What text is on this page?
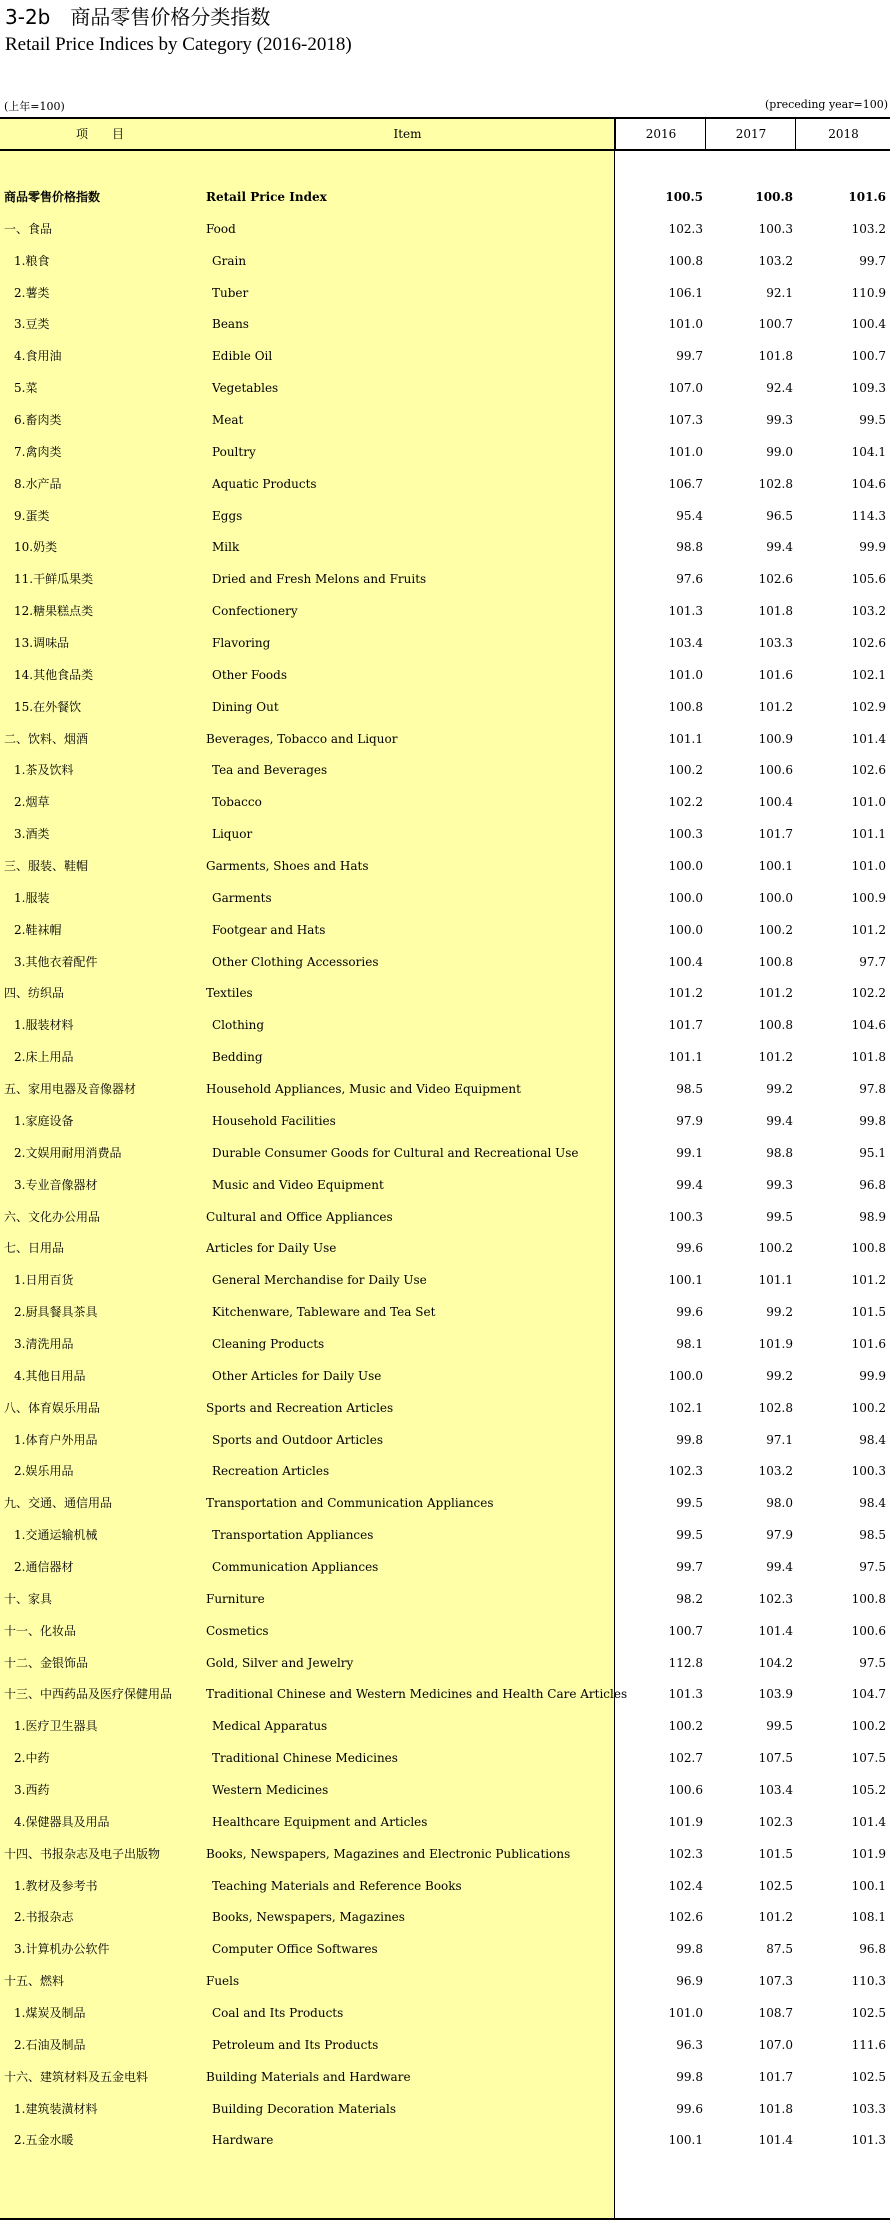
3-2b　商品零售价格分类指数
Retail Price Indices by Category (2016-2018)
(上年=100)	(preceding year=100)
项　　目	Item	2016	2017	2018
商品零售价格指数	Retail Price Index	100.5	100.8	101.6
一、食品	Food	102.3	100.3	103.2
1.粮食	Grain	100.8	103.2	99.7
2.薯类	Tuber	106.1	92.1	110.9
3.豆类	Beans	101.0	100.7	100.4
4.食用油	Edible Oil	99.7	101.8	100.7
5.菜	Vegetables	107.0	92.4	109.3
6.畜肉类	Meat	107.3	99.3	99.5
7.禽肉类	Poultry	101.0	99.0	104.1
8.水产品	Aquatic Products	106.7	102.8	104.6
9.蛋类	Eggs	95.4	96.5	114.3
10.奶类	Milk	98.8	99.4	99.9
11.干鲜瓜果类	Dried and Fresh Melons and Fruits	97.6	102.6	105.6
12.糖果糕点类	Confectionery	101.3	101.8	103.2
13.调味品	Flavoring	103.4	103.3	102.6
14.其他食品类	Other Foods	101.0	101.6	102.1
15.在外餐饮	Dining Out	100.8	101.2	102.9
二、饮料、烟酒	Beverages, Tobacco and Liquor	101.1	100.9	101.4
1.茶及饮料	Tea and Beverages	100.2	100.6	102.6
2.烟草	Tobacco	102.2	100.4	101.0
3.酒类	Liquor	100.3	101.7	101.1
三、服装、鞋帽	Garments, Shoes and Hats	100.0	100.1	101.0
1.服装	Garments	100.0	100.0	100.9
2.鞋袜帽	Footgear and Hats	100.0	100.2	101.2
3.其他衣着配件	Other Clothing Accessories	100.4	100.8	97.7
四、纺织品	Textiles	101.2	101.2	102.2
1.服装材料	Clothing	101.7	100.8	104.6
2.床上用品	Bedding	101.1	101.2	101.8
五、家用电器及音像器材	Household Appliances, Music and Video Equipment	98.5	99.2	97.8
1.家庭设备	Household Facilities	97.9	99.4	99.8
2.文娱用耐用消费品	Durable Consumer Goods for Cultural and Recreational Use	99.1	98.8	95.1
3.专业音像器材	Music and Video Equipment	99.4	99.3	96.8
六、文化办公用品	Cultural and Office Appliances	100.3	99.5	98.9
七、日用品	Articles for Daily Use	99.6	100.2	100.8
1.日用百货	General Merchandise for Daily Use	100.1	101.1	101.2
2.厨具餐具茶具	Kitchenware, Tableware and Tea Set	99.6	99.2	101.5
3.清洗用品	Cleaning Products	98.1	101.9	101.6
4.其他日用品	Other Articles for Daily Use	100.0	99.2	99.9
八、体育娱乐用品	Sports and Recreation Articles	102.1	102.8	100.2
1.体育户外用品	Sports and Outdoor Articles	99.8	97.1	98.4
2.娱乐用品	Recreation Articles	102.3	103.2	100.3
九、交通、通信用品	Transportation and Communication Appliances	99.5	98.0	98.4
1.交通运输机械	Transportation Appliances	99.5	97.9	98.5
2.通信器材	Communication Appliances	99.7	99.4	97.5
十、家具	Furniture	98.2	102.3	100.8
十一、化妆品	Cosmetics	100.7	101.4	100.6
十二、金银饰品	Gold, Silver and Jewelry	112.8	104.2	97.5
十三、中西药品及医疗保健用品	Traditional Chinese and Western Medicines and Health Care Articles	101.3	103.9	104.7
1.医疗卫生器具	Medical Apparatus	100.2	99.5	100.2
2.中药	Traditional Chinese Medicines	102.7	107.5	107.5
3.西药	Western Medicines	100.6	103.4	105.2
4.保健器具及用品	Healthcare Equipment and Articles	101.9	102.3	101.4
十四、书报杂志及电子出版物	Books, Newspapers, Magazines and Electronic Publications	102.3	101.5	101.9
1.教材及参考书	Teaching Materials and Reference Books	102.4	102.5	100.1
2.书报杂志	Books, Newspapers, Magazines	102.6	101.2	108.1
3.计算机办公软件	Computer Office Softwares	99.8	87.5	96.8
十五、燃料	Fuels	96.9	107.3	110.3
1.煤炭及制品	Coal and Its Products	101.0	108.7	102.5
2.石油及制品	Petroleum and Its Products	96.3	107.0	111.6
十六、建筑材料及五金电料	Building Materials and Hardware	99.8	101.7	102.5
1.建筑装潢材料	Building Decoration Materials	99.6	101.8	103.3
2.五金水暖	Hardware	100.1	101.4	101.3
